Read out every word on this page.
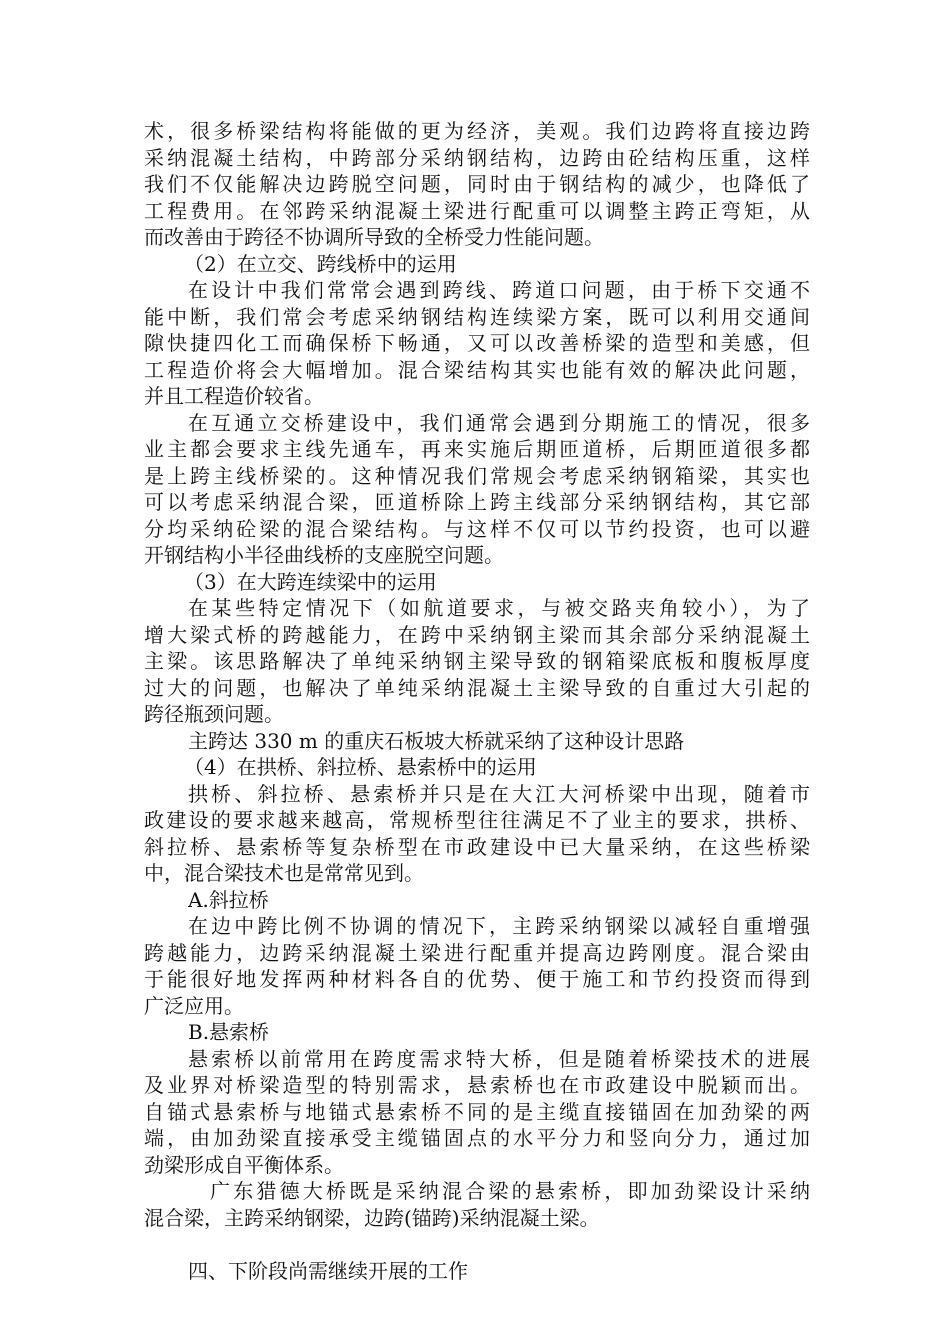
术，很多桥梁结构将能做的更为经济，美观。我们边跨将直接边跨
采纳混凝土结构，中跨部分采纳钢结构，边跨由砼结构压重，这样
我们不仅能解决边跨脱空问题，同时由于钢结构的减少，也降低了
工程费用。在邻跨采纳混凝土梁进行配重可以调整主跨正弯矩，从
而改善由于跨径不协调所导致的全桥受力性能问题。
（2）在立交、跨线桥中的运用
在设计中我们常常会遇到跨线、跨道口问题，由于桥下交通不
能中断，我们常会考虑采纳钢结构连续梁方案，既可以利用交通间
隙快捷四化工而确保桥下畅通，又可以改善桥梁的造型和美感，但
工程造价将会大幅增加。混合梁结构其实也能有效的解决此问题，
并且工程造价较省。
在互通立交桥建设中，我们通常会遇到分期施工的情况，很多
业主都会要求主线先通车，再来实施后期匝道桥，后期匝道很多都
是上跨主线桥梁的。这种情况我们常规会考虑采纳钢箱梁，其实也
可以考虑采纳混合梁，匝道桥除上跨主线部分采纳钢结构，其它部
分均采纳砼梁的混合梁结构。与这样不仅可以节约投资，也可以避
开钢结构小半径曲线桥的支座脱空问题。
（3）在大跨连续梁中的运用
在某些特定情况下（如航道要求，与被交路夹角较小），为了
增大梁式桥的跨越能力，在跨中采纳钢主梁而其余部分采纳混凝土
主梁。该思路解决了单纯采纳钢主梁导致的钢箱梁底板和腹板厚度
过大的问题，也解决了单纯采纳混凝土主梁导致的自重过大引起的
跨径瓶颈问题。
主跨达 330 m 的重庆石板坡大桥就采纳了这种设计思路
（4）在拱桥、斜拉桥、悬索桥中的运用
拱桥、斜拉桥、悬索桥并只是在大江大河桥梁中出现，随着市
政建设的要求越来越高，常规桥型往往满足不了业主的要求，拱桥、
斜拉桥、悬索桥等复杂桥型在市政建设中已大量采纳，在这些桥梁
中，混合梁技术也是常常见到。
A.斜拉桥
在边中跨比例不协调的情况下，主跨采纳钢梁以减轻自重增强
跨越能力，边跨采纳混凝土梁进行配重并提高边跨刚度。混合梁由
于能很好地发挥两种材料各自的优势、便于施工和节约投资而得到
广泛应用。
B.悬索桥
悬索桥以前常用在跨度需求特大桥，但是随着桥梁技术的进展
及业界对桥梁造型的特别需求，悬索桥也在市政建设中脱颖而出。
自锚式悬索桥与地锚式悬索桥不同的是主缆直接锚固在加劲梁的两
端，由加劲梁直接承受主缆锚固点的水平分力和竖向分力，通过加
劲梁形成自平衡体系。
广东猎德大桥既是采纳混合梁的悬索桥，即加劲梁设计采纳
混合梁，主跨采纳钢梁，边跨(锚跨)采纳混凝土梁。
四、下阶段尚需继续开展的工作
